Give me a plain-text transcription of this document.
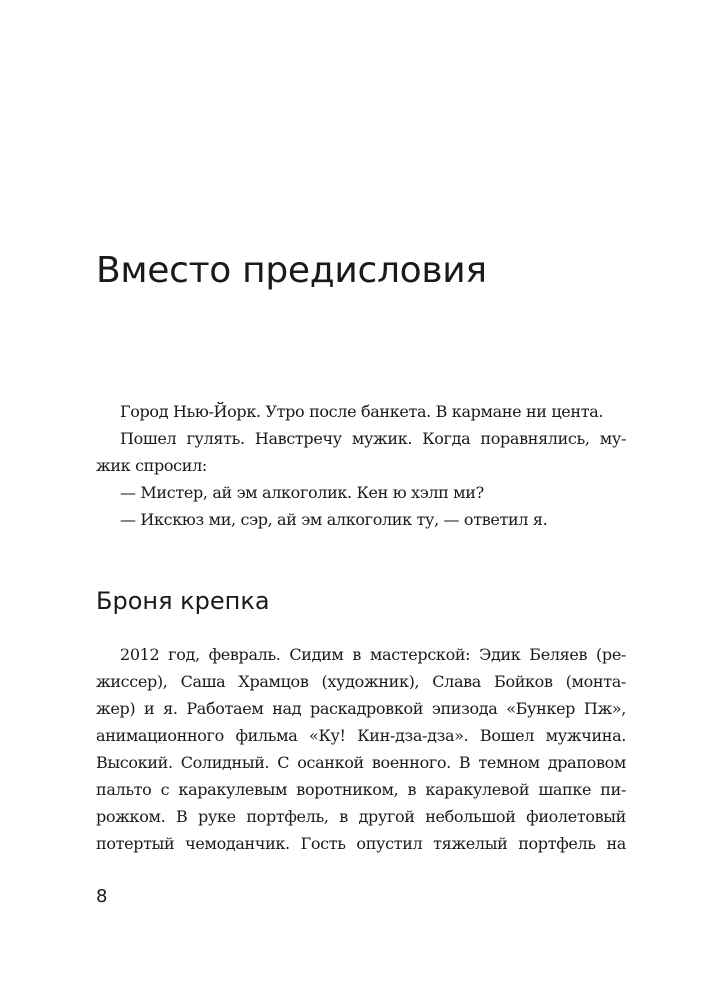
Вместо предисловия
Город Нью-Йорк. Утро после банкета. В кармане ни цента.
Пошел гулять. Навстречу мужик. Когда поравнялись, му-
жик спросил:
— Мистер, ай эм алкоголик. Кен ю хэлп ми?
— Икскюз ми, сэр, ай эм алкоголик ту, — ответил я.
Броня крепка
2012 год, февраль. Сидим в мастерской: Эдик Беляев (ре-
жиссер), Саша Храмцов (художник), Слава Бойков (монта-
жер) и я. Работаем над раскадровкой эпизода «Бункер Пж»,
анимационного фильма «Ку! Кин-дза-дза». Вошел мужчина.
Высокий. Солидный. С осанкой военного. В темном драповом
пальто с каракулевым воротником, в каракулевой шапке пи-
рожком. В руке портфель, в другой небольшой фиолетовый
потертый чемоданчик. Гость опустил тяжелый портфель на
8
